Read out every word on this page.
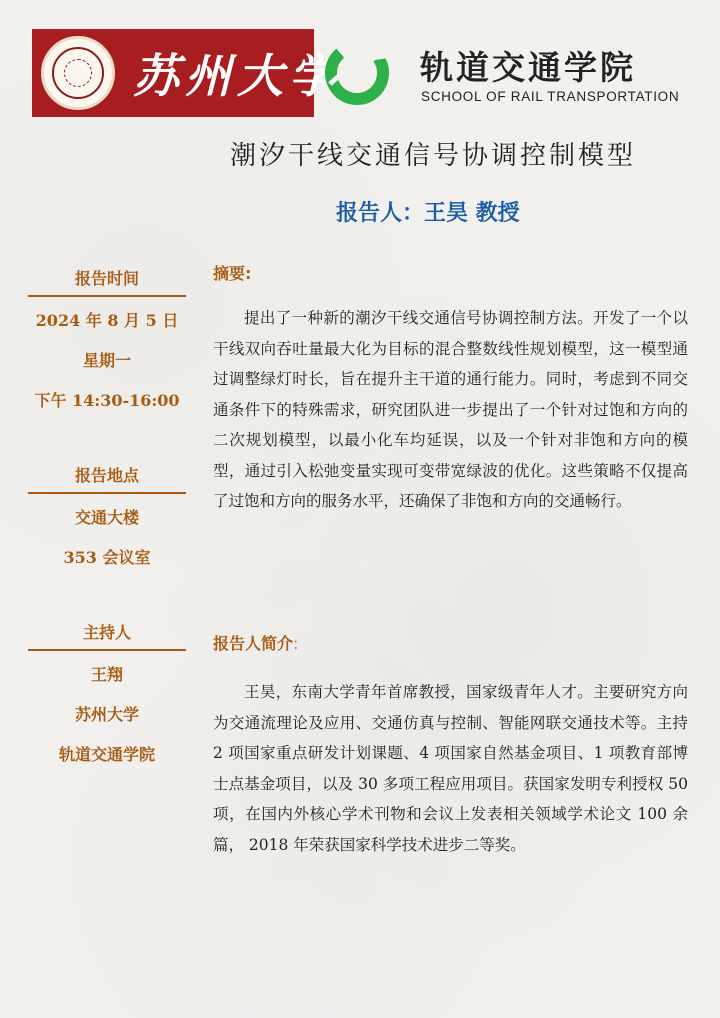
苏州大学 轨道交通学院
SCHOOL OF RAIL TRANSPORTATION
潮汐干线交通信号协调控制模型
报告人：王昊 教授
报告时间
2024 年 8 月 5 日
星期一
下午 14:30-16:00
报告地点
交通大楼
353 会议室
主持人
王翔
苏州大学
轨道交通学院
摘要:
提出了一种新的潮汐干线交通信号协调控制方法。开发了一个以干线双向吞吐量最大化为目标的混合整数线性规划模型，这一模型通过调整绿灯时长，旨在提升主干道的通行能力。同时，考虑到不同交通条件下的特殊需求，研究团队进一步提出了一个针对过饱和方向的二次规划模型，以最小化车均延误，以及一个针对非饱和方向的模型，通过引入松弛变量实现可变带宽绿波的优化。这些策略不仅提高了过饱和方向的服务水平，还确保了非饱和方向的交通畅行。
报告人简介:
王昊，东南大学青年首席教授，国家级青年人才。主要研究方向为交通流理论及应用、交通仿真与控制、智能网联交通技术等。主持 2 项国家重点研发计划课题、4 项国家自然基金项目、1 项教育部博士点基金项目，以及 30 多项工程应用项目。获国家发明专利授权 50 项，在国内外核心学术刊物和会议上发表相关领域学术论文 100 余篇， 2018 年荣获国家科学技术进步二等奖。
